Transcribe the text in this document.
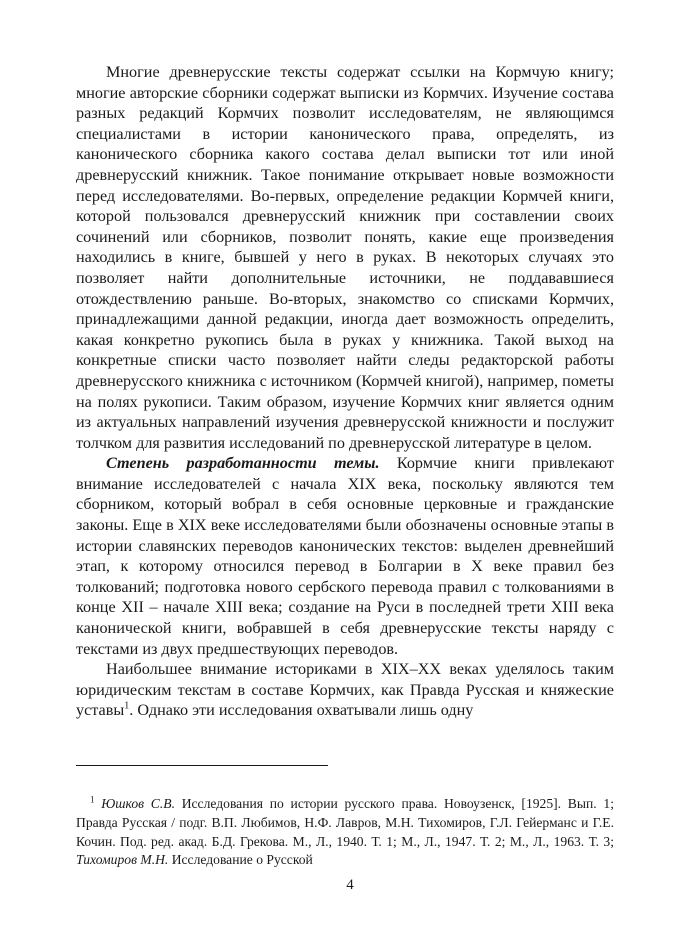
Многие древнерусские тексты содержат ссылки на Кормчую книгу; многие авторские сборники содержат выписки из Кормчих. Изучение состава разных редакций Кормчих позволит исследователям, не являющимся специалистами в истории канонического права, определять, из канонического сборника какого состава делал выписки тот или иной древнерусский книжник. Такое понимание открывает новые возможности перед исследователями. Во-первых, определение редакции Кормчей книги, которой пользовался древнерусский книжник при составлении своих сочинений или сборников, позволит понять, какие еще произведения находились в книге, бывшей у него в руках. В некоторых случаях это позволяет найти дополнительные источники, не поддававшиеся отождествлению раньше. Во-вторых, знакомство со списками Кормчих, принадлежащими данной редакции, иногда дает возможность определить, какая конкретно рукопись была в руках у книжника. Такой выход на конкретные списки часто позволяет найти следы редакторской работы древнерусского книжника с источником (Кормчей книгой), например, пометы на полях рукописи. Таким образом, изучение Кормчих книг является одним из актуальных направлений изучения древнерусской книжности и послужит толчком для развития исследований по древнерусской литературе в целом.

Степень разработанности темы. Кормчие книги привлекают внимание исследователей с начала XIX века, поскольку являются тем сборником, который вобрал в себя основные церковные и гражданские законы. Еще в XIX веке исследователями были обозначены основные этапы в истории славянских переводов канонических текстов: выделен древнейший этап, к которому относился перевод в Болгарии в X веке правил без толкований; подготовка нового сербского перевода правил с толкованиями в конце XII – начале XIII века; создание на Руси в последней трети XIII века канонической книги, вобравшей в себя древнерусские тексты наряду с текстами из двух предшествующих переводов.

Наибольшее внимание историками в XIX–XX веках уделялось таким юридическим текстам в составе Кормчих, как Правда Русская и княжеские уставы$^1$. Однако эти исследования охватывали лишь одну

$^1$ Юшков С.В. Исследования по истории русского права. Новоузенск, [1925]. Вып. 1; Правда Русская / подг. В.П. Любимов, Н.Ф. Лавров, М.Н. Тихомиров, Г.Л. Гейерманс и Г.Е. Кочин. Под. ред. акад. Б.Д. Грекова. М., Л., 1940. Т. 1; М., Л., 1947. Т. 2; М., Л., 1963. Т. 3; Тихомиров М.Н. Исследование о Русской

4
